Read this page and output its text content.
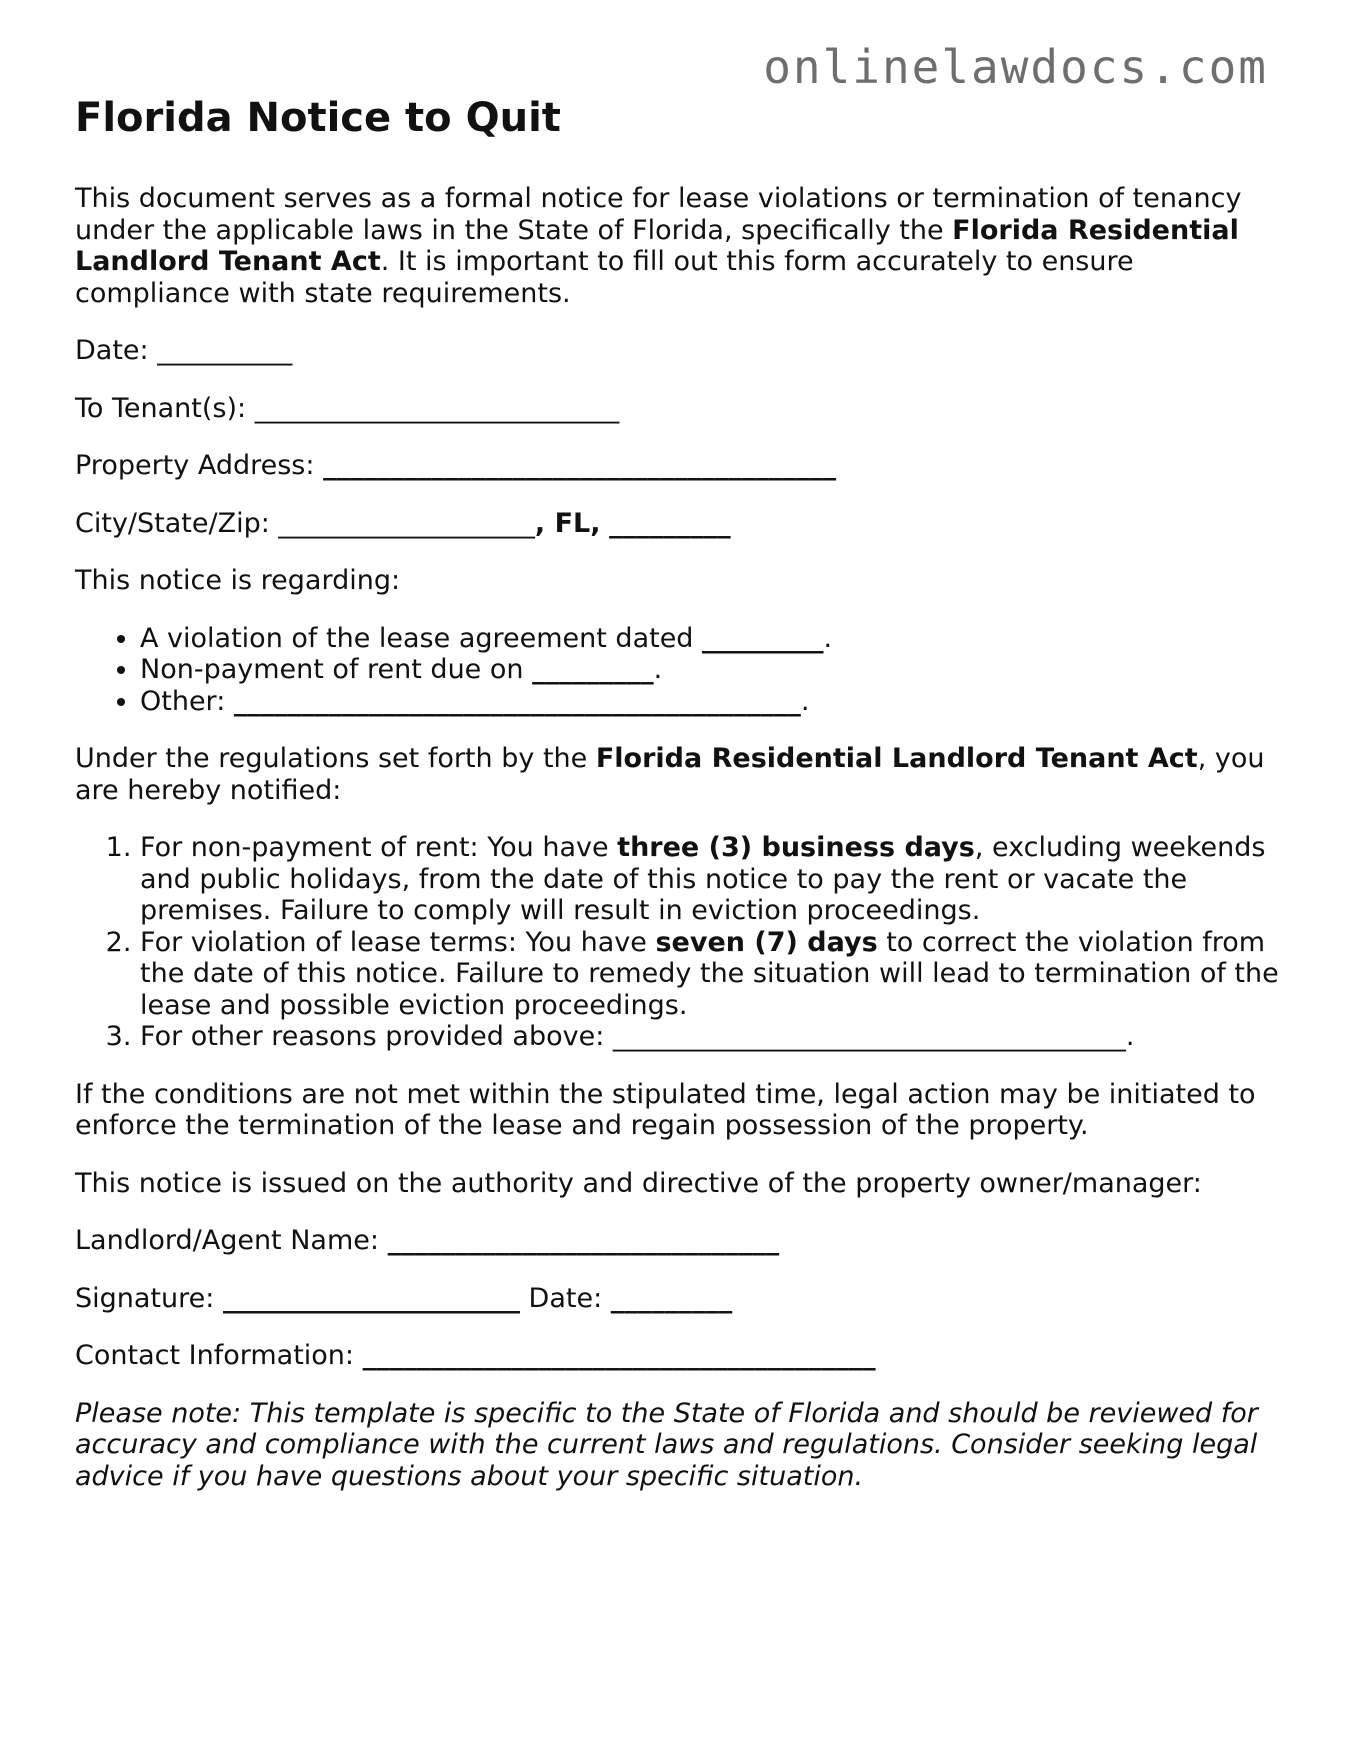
onlinelawdocs.com
Florida Notice to Quit

This document serves as a formal notice for lease violations or termination of tenancy under the applicable laws in the State of Florida, specifically the Florida Residential Landlord Tenant Act. It is important to fill out this form accurately to ensure compliance with state requirements.

Date: __________
To Tenant(s): ___________________________
Property Address: ______________________________________
City/State/Zip: ___________________, FL, _________

This notice is regarding:

• A violation of the lease agreement dated _________.
• Non-payment of rent due on _________.
• Other: __________________________________________.

Under the regulations set forth by the Florida Residential Landlord Tenant Act, you are hereby notified:

1. For non-payment of rent: You have three (3) business days, excluding weekends and public holidays, from the date of this notice to pay the rent or vacate the premises. Failure to comply will result in eviction proceedings.
2. For violation of lease terms: You have seven (7) days to correct the violation from the date of this notice. Failure to remedy the situation will lead to termination of the lease and possible eviction proceedings.
3. For other reasons provided above: ______________________________________.

If the conditions are not met within the stipulated time, legal action may be initiated to enforce the termination of the lease and regain possession of the property.

This notice is issued on the authority and directive of the property owner/manager:

Landlord/Agent Name: _____________________________
Signature: ______________________ Date: _________
Contact Information: ______________________________________

Please note: This template is specific to the State of Florida and should be reviewed for accuracy and compliance with the current laws and regulations. Consider seeking legal advice if you have questions about your specific situation.
